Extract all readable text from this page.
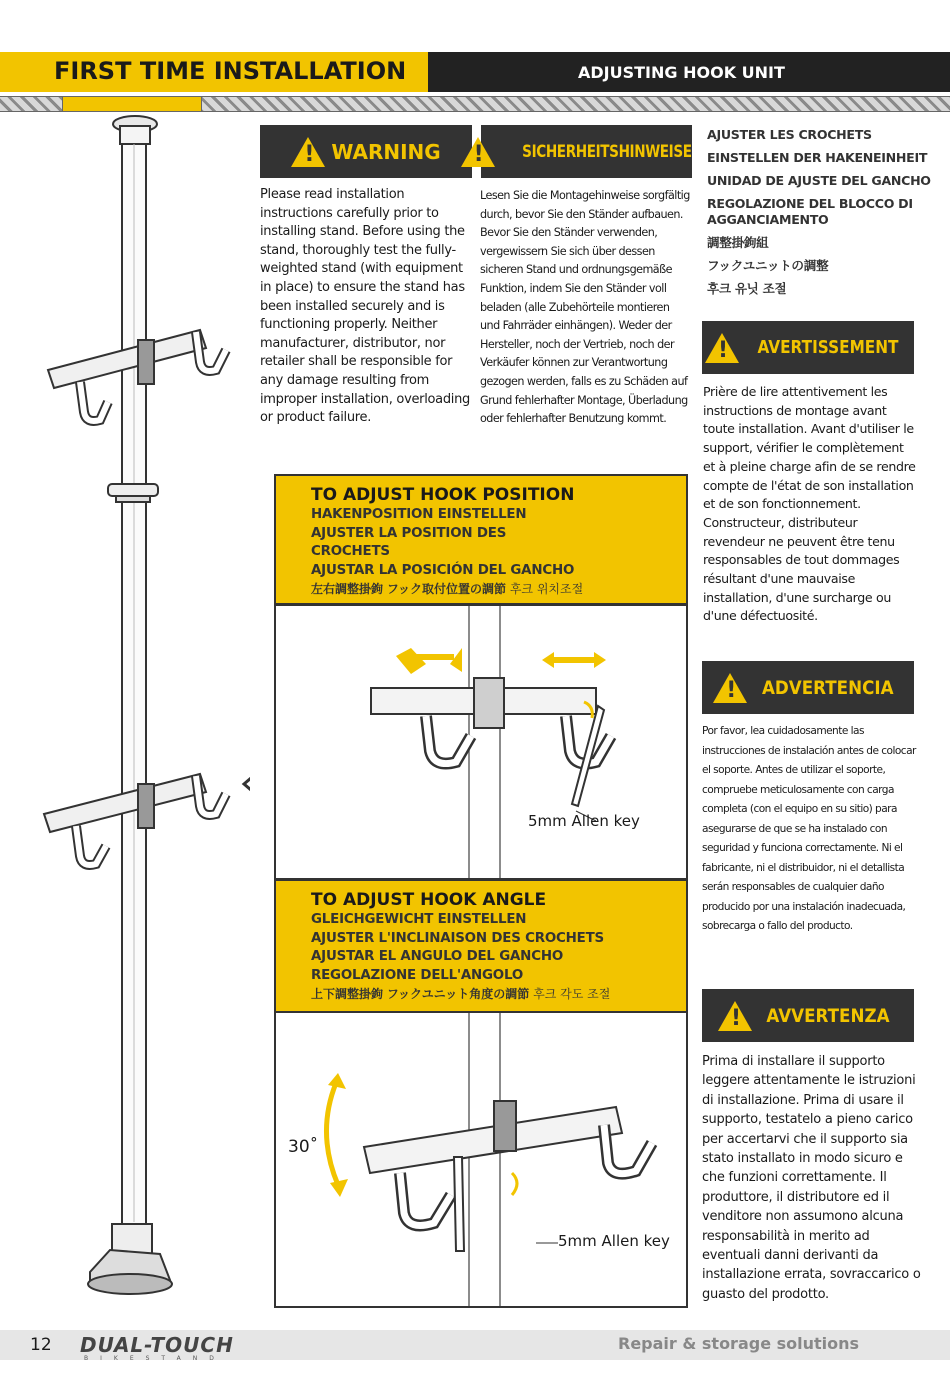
FIRST TIME INSTALLATION	ADJUSTING HOOK UNIT
!
WARNING
!	SICHERHEITSHINWEISE
!
AVERTISSEMENT
!
ADVERTENCIA
!
AVVERTENZA
Please read installation instructions carefully prior to installing stand. Before using the stand, thoroughly test the fully-weighted stand (with equipment in place) to ensure the stand has been installed securely and is functioning properly. Neither manufacturer, distributor, nor retailer shall be responsible for any damage resulting from improper installation, overloading or product failure.
Lesen Sie die Montagehinweise sorgfältig durch, bevor Sie den Ständer aufbauen. Bevor Sie den Ständer verwenden, vergewissern Sie sich über dessen sicheren Stand und ordnungsgemäße Funktion, indem Sie den Ständer voll beladen (alle Zubehörteile montieren und Fahrräder einhängen). Weder der Hersteller, noch der Vertrieb, noch der Verkäufer können zur Verantwortung gezogen werden, falls es zu Schäden auf Grund fehlerhafter Montage, Überladung oder fehlerhafter Benutzung kommt.
Prière de lire attentivement les instructions de montage avant toute installation. Avant d'utiliser le support, vérifier le complètement et à pleine charge afin de se rendre compte de l'état de son installation et de son fonctionnement. Constructeur, distributeur revendeur ne peuvent être tenu responsables de tout dommages résultant d'une mauvaise installation, d'une surcharge ou d'une défectuosité.
Por favor, lea cuidadosamente las instrucciones de instalación antes de colocar el soporte. Antes de utilizar el soporte, compruebe meticulosamente con carga completa (con el equipo en su sitio) para asegurarse de que se ha instalado con seguridad y funciona correctamente. Ni el fabricante, ni el distribuidor, ni el detallista serán responsables de cualquier daño producido por una instalación inadecuada, sobrecarga o fallo del producto.
Prima di installare il supporto leggere attentamente le istruzioni di installazione. Prima di usare il supporto, testatelo a pieno carico per accertarvi che il supporto sia stato installato in modo sicuro e che funzioni correttamente. Il produttore, il distributore ed il venditore non assumono alcuna responsabilità in merito ad eventuali danni derivanti da installazione errata, sovraccarico o guasto del prodotto.
AJUSTER LES CROCHETS
EINSTELLEN DER HAKENEINHEIT
UNIDAD DE AJUSTE DEL GANCHO
REGOLAZIONE DEL BLOCCO DI AGGANCIAMENTO
調整掛鉤組
フックユニットの調整
후크 유닛 조절
TO ADJUST HOOK POSITION
HAKENPOSITION EINSTELLEN
AJUSTER LA POSITION DES CROCHETS
AJUSTAR LA POSICIÓN DEL GANCHO
左右調整掛鉤 フック取付位置の調節 후크 위치조절
5mm Allen key
TO ADJUST HOOK ANGLE
GLEICHGEWICHT EINSTELLEN
AJUSTER L'INCLINAISON DES CROCHETS
AJUSTAR EL ANGULO DEL GANCHO
REGOLAZIONE DELL'ANGOLO
上下調整掛鉤 フックユニット角度の調節 후크 각도 조절
30˚
5mm Allen key
12 DUAL-TOUCH
BIKESTAND
Repair & storage solutions
